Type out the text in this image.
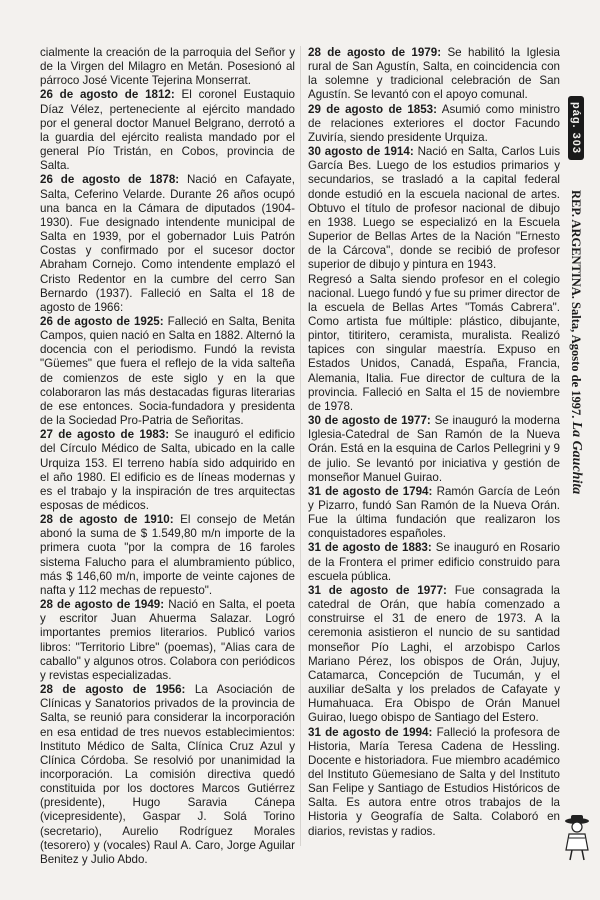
cialmente la creación de la parroquia del Señor y de la Virgen del Milagro en Metán. Posesionó al párroco José Vicente Tejerina Monserrat.

26 de agosto de 1812: El coronel Eustaquio Díaz Vélez, perteneciente al ejército mandado por el general doctor Manuel Belgrano, derrotó a la guardia del ejército realista mandado por el general Pío Tristán, en Cobos, provincia de Salta.

26 de agosto de 1878: Nació en Cafayate, Salta, Ceferino Velarde. Durante 26 años ocupó una banca en la Cámara de diputados (1904-1930). Fue designado intendente municipal de Salta en 1939, por el gobernador Luis Patrón Costas y confirmado por el sucesor doctor Abraham Cornejo. Como intendente emplazó el Cristo Redentor en la cumbre del cerro San Bernardo (1937). Falleció en Salta el 18 de agosto de 1966:

26 de agosto de 1925: Falleció en Salta, Benita Campos, quien nació en Salta en 1882. Alternó la docencia con el periodismo. Fundó la revista "Güemes" que fuera el reflejo de la vida salteña de comienzos de este siglo y en la que colaboraron las más destacadas figuras literarias de ese entonces. Socia-fundadora y presidenta de la Sociedad Pro-Patria de Señoritas.

27 de agosto de 1983: Se inauguró el edificio del Círculo Médico de Salta, ubicado en la calle Urquiza 153. El terreno había sido adquirido en el año 1980. El edificio es de líneas modernas y es el trabajo y la inspiración de tres arquitectas esposas de médicos.

28 de agosto de 1910: El consejo de Metán abonó la suma de $ 1.549,80 m/n importe de la primera cuota "por la compra de 16 faroles sistema Falucho para el alumbramiento público, más $ 146,60 m/n, importe de veinte cajones de nafta y 112 mechas de repuesto".

28 de agosto de 1949: Nació en Salta, el poeta y escritor Juan Ahuerma Salazar. Logró importantes premios literarios. Publicó varios libros: "Territorio Libre" (poemas), "Alias cara de caballo" y algunos otros. Colabora con periódicos y revistas especializadas.

28 de agosto de 1956: La Asociación de Clínicas y Sanatorios privados de la provincia de Salta, se reunió para considerar la incorporación en esa entidad de tres nuevos establecimientos: Instituto Médico de Salta, Clínica Cruz Azul y Clínica Córdoba. Se resolvió por unanimidad la incorporación. La comisión directiva quedó constituida por los doctores Marcos Gutiérrez (presidente), Hugo Saravia Cánepa (vicepresidente), Gaspar J. Solá Torino (secretario), Aurelio Rodríguez Morales (tesorero) y (vocales) Raul A. Caro, Jorge Aguilar Benitez y Julio Abdo.

28 de agosto de 1979: Se habilitó la Iglesia rural de San Agustín, Salta, en coincidencia con la solemne y tradicional celebración de San Agustín. Se levantó con el apoyo comunal.

29 de agosto de 1853: Asumió como ministro de relaciones exteriores el doctor Facundo Zuviría, siendo presidente Urquiza.

30 agosto de 1914: Nació en Salta, Carlos Luis García Bes. Luego de los estudios primarios y secundarios, se trasladó a la capital federal donde estudió en la escuela nacional de artes. Obtuvo el título de profesor nacional de dibujo en 1938. Luego se especializó en la Escuela Superior de Bellas Artes de la Nación "Ernesto de la Cárcova", donde se recibió de profesor superior de dibujo y pintura en 1943.

Regresó a Salta siendo profesor en el colegio nacional. Luego fundó y fue su primer director de la escuela de Bellas Artes "Tomás Cabrera". Como artista fue múltiple: plástico, dibujante, pintor, titiritero, ceramista, muralista. Realizó tapices con singular maestría. Expuso en Estados Unidos, Canadá, España, Francia, Alemania, Italia. Fue director de cultura de la provincia. Falleció en Salta el 15 de noviembre de 1978.

30 de agosto de 1977: Se inauguró la moderna Iglesia-Catedral de San Ramón de la Nueva Orán. Está en la esquina de Carlos Pellegrini y 9 de julio. Se levantó por iniciativa y gestión de monseñor Manuel Guirao.

31 de agosto de 1794: Ramón García de León y Pizarro, fundó San Ramón de la Nueva Orán. Fue la última fundación que realizaron los conquistadores españoles.

31 de agosto de 1883: Se inauguró en Rosario de la Frontera el primer edificio construido para escuela pública.

31 de agosto de 1977: Fue consagrada la catedral de Orán, que había comenzado a construirse el 31 de enero de 1973. A la ceremonia asistieron el nuncio de su santidad monseñor Pío Laghi, el arzobispo Carlos Mariano Pérez, los obispos de Orán, Jujuy, Catamarca, Concepción de Tucumán, y el auxiliar deSalta y los prelados de Cafayate y Humahuaca. Era Obispo de Orán Manuel Guirao, luego obispo de Santiago del Estero.

31 de agosto de 1994: Falleció la profesora de Historia, María Teresa Cadena de Hessling. Docente e historiadora. Fue miembro académico del Instituto Güemesiano de Salta y del Instituto San Felipe y Santiago de Estudios Históricos de Salta. Es autora entre otros trabajos de la Historia y Geografía de Salta. Colaboró en diarios, revistas y radios.

pág. 303
REP. ARGENTINA. Salta, Agosto de 1997. La Gauchita
